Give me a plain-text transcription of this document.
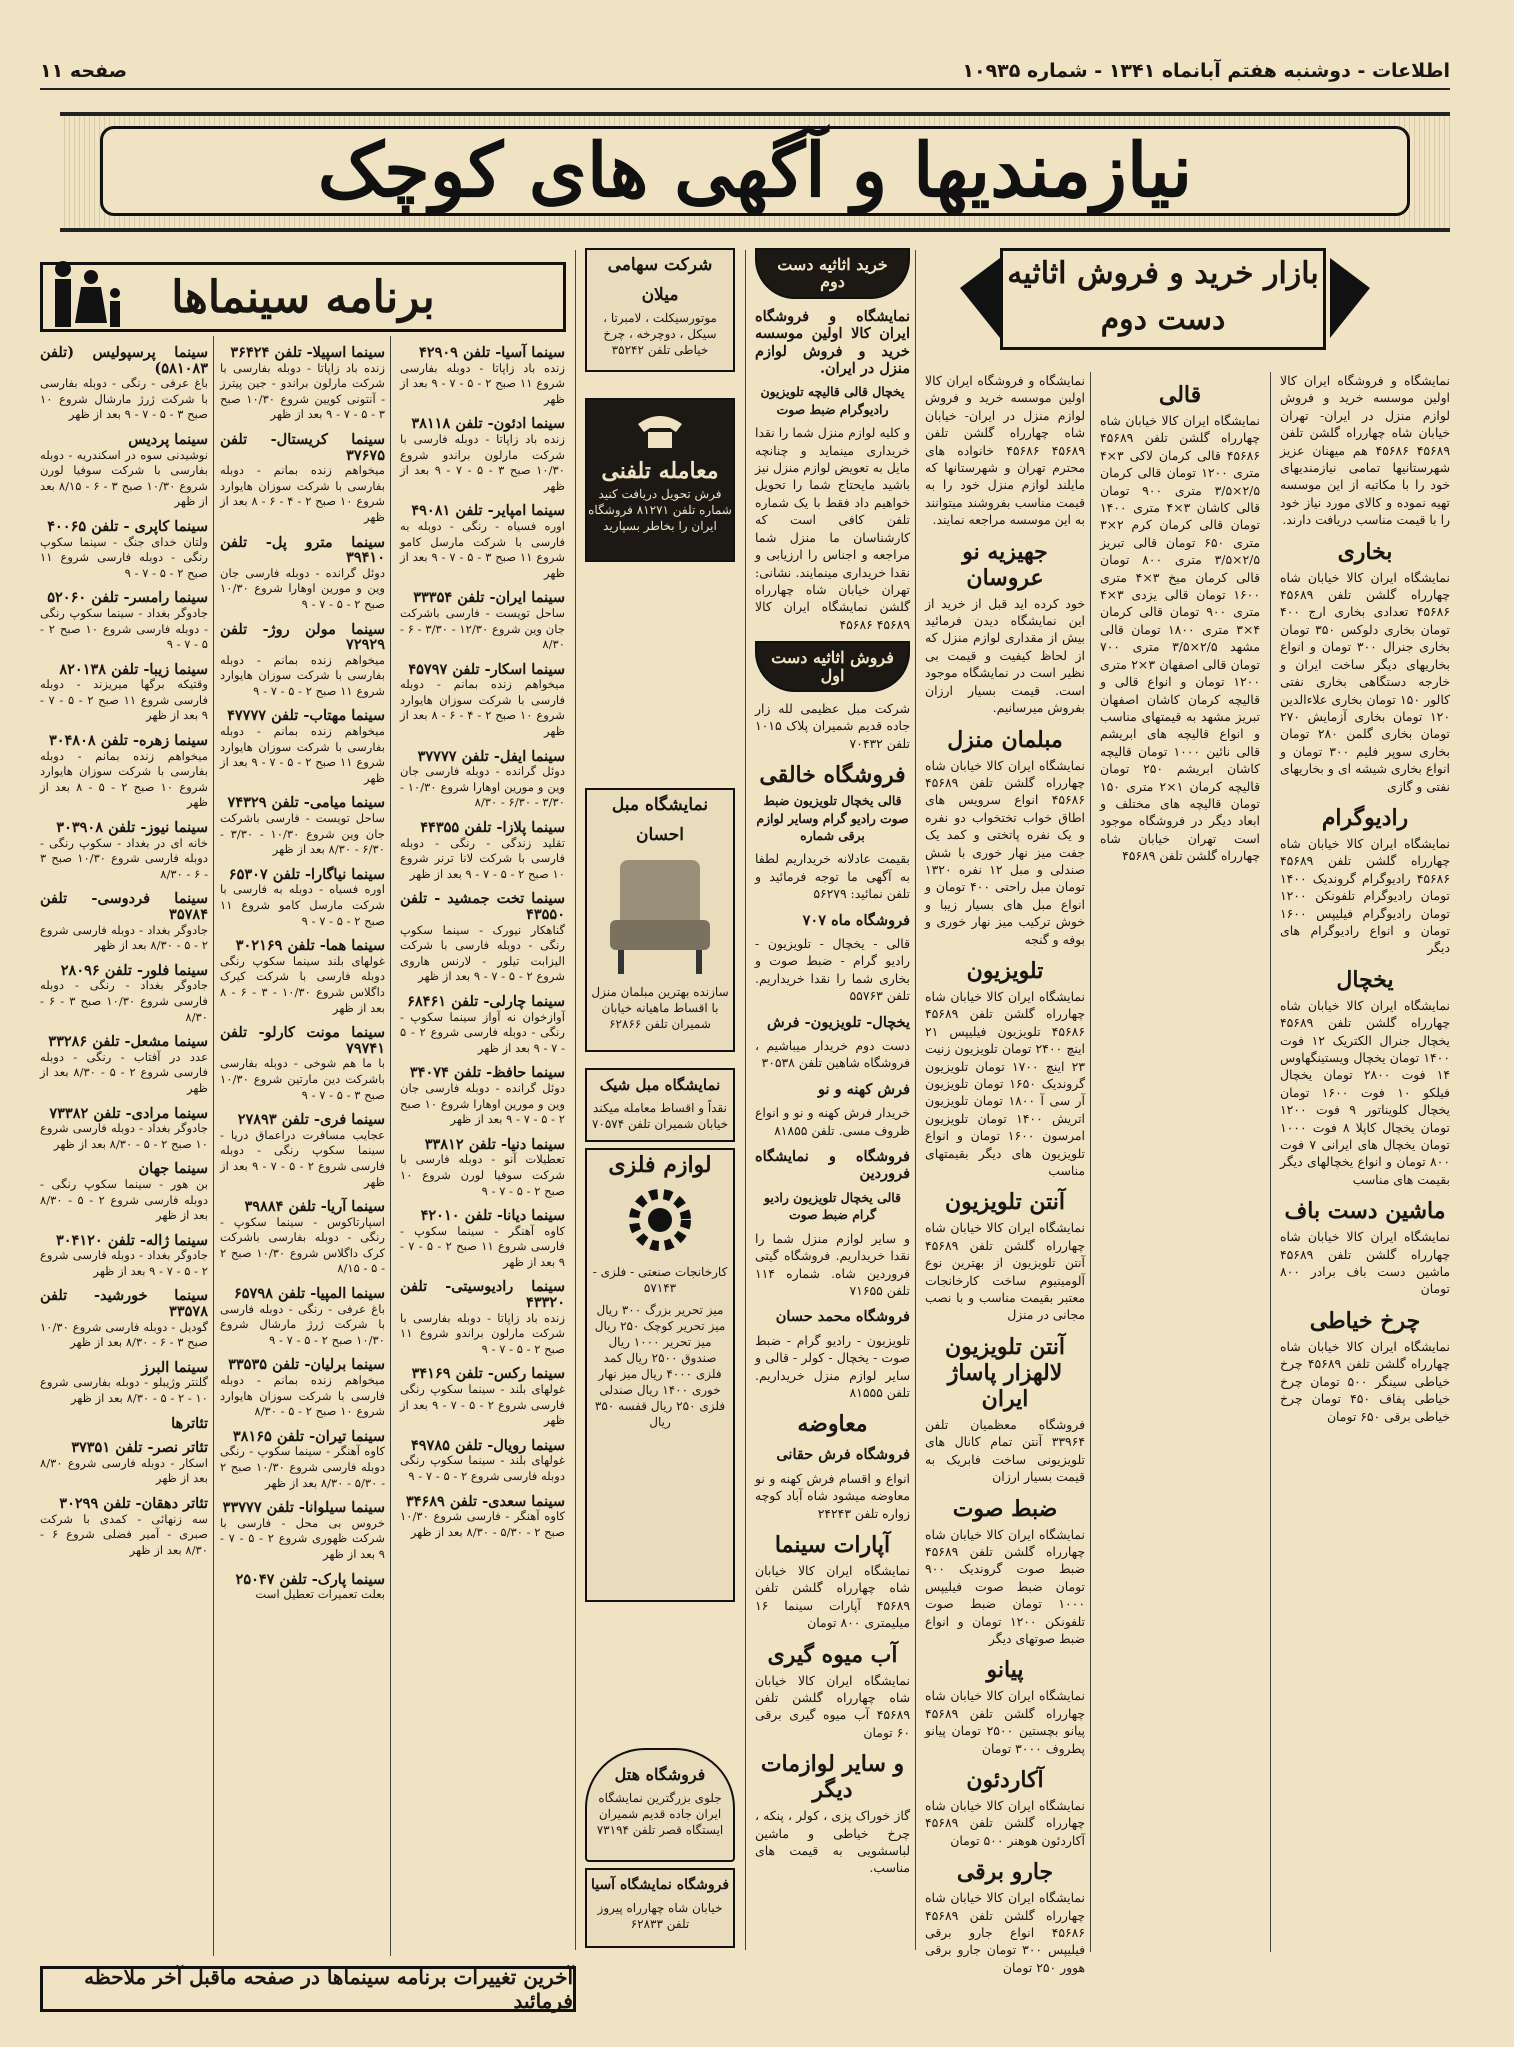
صفحه ۱۱	اطلاعات - دوشنبه هفتم آبانماه ۱۳۴۱ - شماره ۱۰۹۳۵
نیازمندیها و آگهی های کوچک
بازار خرید و فروش اثاثیه
دست دوم
برنامه سینماها

نمایشگاه و فروشگاه ایران کالا اولین موسسه خرید و فروش لوازم منزل در ایران- تهران خیابان شاه چهارراه گلشن تلفن ۴۵۶۸۹ ۴۵۶۸۶ هم میهنان عزیز شهرستانیها تمامی نیازمندیهای خود را با مکاتبه از این موسسه تهیه نموده و کالای مورد نیاز خود را با قیمت مناسب دریافت دارند.

بخاری

نمایشگاه ایران کالا خیابان شاه چهارراه گلشن تلفن ۴۵۶۸۹ ۴۵۶۸۶ تعدادی بخاری ارج ۴۰۰ تومان بخاری دلوکس ۳۵۰ تومان بخاری جنرال ۳۰۰ تومان و انواع بخاریهای دیگر ساخت ایران و خارجه دستگاهی بخاری نفتی کالور ۱۵۰ تومان بخاری علاءالدین ۱۲۰ تومان بخاری آزمایش ۲۷۰ تومان بخاری گلمن ۲۸۰ تومان بخاری سوپر فلیم ۳۰۰ تومان و انواع بخاری شیشه ای و بخاریهای نفتی و گازی

رادیوگرام

نمایشگاه ایران کالا خیابان شاه چهارراه گلشن تلفن ۴۵۶۸۹ ۴۵۶۸۶ رادیوگرام گروندیک ۱۴۰۰ تومان رادیوگرام تلفونکن ۱۲۰۰ تومان رادیوگرام فیلیپس ۱۶۰۰ تومان و انواع رادیوگرام های دیگر

یخچال

نمایشگاه ایران کالا خیابان شاه چهارراه گلشن تلفن ۴۵۶۸۹ یخچال جنرال الکتریک ۱۲ فوت ۱۴۰۰ تومان یخچال ویستینگهاوس ۱۴ فوت ۲۸۰۰ تومان یخچال فیلکو ۱۰ فوت ۱۶۰۰ تومان یخچال کلویناتور ۹ فوت ۱۲۰۰ تومان یخچال کاپلا ۸ فوت ۱۰۰۰ تومان یخچال های ایرانی ۷ فوت ۸۰۰ تومان و انواع یخچالهای دیگر بقیمت های مناسب

ماشین دست باف

نمایشگاه ایران کالا خیابان شاه چهارراه گلشن تلفن ۴۵۶۸۹ ماشین دست باف برادر ۸۰۰ تومان

چرخ خیاطی

نمایشگاه ایران کالا خیابان شاه چهارراه گلشن تلفن ۴۵۶۸۹ چرخ خیاطی سینگر ۵۰۰ تومان چرخ خیاطی پفاف ۴۵۰ تومان چرخ خیاطی برقی ۶۵۰ تومان

قالی

نمایشگاه ایران کالا خیابان شاه چهارراه گلشن تلفن ۴۵۶۸۹ ۴۵۶۸۶ قالی کرمان لاکی ۳×۴ متری ۱۲۰۰ تومان قالی کرمان ۲/۵×۳/۵ متری ۹۰۰ تومان قالی کاشان ۳×۴ متری ۱۴۰۰ تومان قالی کرمان کرم ۲×۳ متری ۶۵۰ تومان قالی تبریز ۲/۵×۳/۵ متری ۸۰۰ تومان قالی کرمان میخ ۳×۴ متری ۱۶۰۰ تومان قالی یزدی ۳×۴ متری ۹۰۰ تومان قالی کرمان ۴×۳ متری ۱۸۰۰ تومان قالی مشهد ۲/۵×۳/۵ متری ۷۰۰ تومان قالی اصفهان ۳×۲ متری ۱۲۰۰ تومان و انواع قالی و قالیچه کرمان کاشان اصفهان تبریز مشهد به قیمتهای مناسب و انواع قالیچه های ابریشم قالی نائین ۱۰۰۰ تومان قالیچه کاشان ابریشم ۲۵۰ تومان قالیچه کرمان ۱×۲ متری ۱۵۰ تومان قالیچه های مختلف و ابعاد دیگر در فروشگاه موجود است تهران خیابان شاه چهارراه گلشن تلفن ۴۵۶۸۹

نمایشگاه و فروشگاه ایران کالا اولین موسسه خرید و فروش لوازم منزل در ایران- خیابان شاه چهارراه گلشن تلفن ۴۵۶۸۹ ۴۵۶۸۶ خانواده های محترم تهران و شهرستانها که مایلند لوازم منزل خود را به قیمت مناسب بفروشند میتوانند به این موسسه مراجعه نمایند.

جهیزیه نو عروسان

خود کرده اید قبل از خرید از این نمایشگاه دیدن فرمائید بیش از مقداری لوازم منزل که از لحاظ کیفیت و قیمت بی نظیر است در نمایشگاه موجود است. قیمت بسیار ارزان بفروش میرسانیم.

مبلمان منزل

نمایشگاه ایران کالا خیابان شاه چهارراه گلشن تلفن ۴۵۶۸۹ ۴۵۶۸۶ انواع سرویس های اطاق خواب تختخواب دو نفره و یک نفره پاتختی و کمد یک جفت میز نهار خوری با شش صندلی و مبل ۱۲ نفره ۱۳۲۰ تومان مبل راحتی ۴۰۰ تومان و انواع مبل های بسیار زیبا و خوش ترکیب میز نهار خوری و بوفه و گنجه

تلویزیون

نمایشگاه ایران کالا خیابان شاه چهارراه گلشن تلفن ۴۵۶۸۹ ۴۵۶۸۶ تلویزیون فیلیپس ۲۱ اینچ ۲۴۰۰ تومان تلویزیون زنیت ۲۳ اینچ ۱۷۰۰ تومان تلویزیون گروندیک ۱۶۵۰ تومان تلویزیون آر سی آ ۱۸۰۰ تومان تلویزیون اتریش ۱۴۰۰ تومان تلویزیون امرسون ۱۶۰۰ تومان و انواع تلویزیون های دیگر بقیمتهای مناسب

آنتن تلویزیون

نمایشگاه ایران کالا خیابان شاه چهارراه گلشن تلفن ۴۵۶۸۹ آنتن تلویزیون از بهترین نوع آلومینیوم ساخت کارخانجات معتبر بقیمت مناسب و با نصب مجانی در منزل

آنتن تلویزیون لالهزار پاساژ ایران

فروشگاه معظمیان تلفن ۳۳۹۶۴ آنتن تمام کانال های تلویزیونی ساخت فابریک به قیمت بسیار ارزان

ضبط صوت

نمایشگاه ایران کالا خیابان شاه چهارراه گلشن تلفن ۴۵۶۸۹ ضبط صوت گروندیک ۹۰۰ تومان ضبط صوت فیلیپس ۱۰۰۰ تومان ضبط صوت تلفونکن ۱۲۰۰ تومان و انواع ضبط صوتهای دیگر

پیانو

نمایشگاه ایران کالا خیابان شاه چهارراه گلشن تلفن ۴۵۶۸۹ پیانو بچستین ۲۵۰۰ تومان پیانو پطروف ۳۰۰۰ تومان

آکاردئون

نمایشگاه ایران کالا خیابان شاه چهارراه گلشن تلفن ۴۵۶۸۹ آکاردئون هوهنر ۵۰۰ تومان

جارو برقی

نمایشگاه ایران کالا خیابان شاه چهارراه گلشن تلفن ۴۵۶۸۹ ۴۵۶۸۶ انواع جارو برقی فیلیپس ۳۰۰ تومان جارو برقی هوور ۲۵۰ تومان

خرید اثاثیه دست دوم

نمایشگاه و فروشگاه ایران کالا اولین موسسه خرید و فروش لوازم منزل در ایران.

یخچال قالی قالیچه تلویزیون رادیوگرام ضبط صوت

و کلیه لوازم منزل شما را نقدا خریداری مینماید و چنانچه مایل به تعویض لوازم منزل نیز باشید مایحتاج شما را تحویل خواهیم داد فقط با یک شماره تلفن کافی است که کارشناسان ما منزل شما مراجعه و اجناس را ارزیابی و نقدا خریداری مینمایند. نشانی: تهران خیابان شاه چهارراه گلشن نمایشگاه ایران کالا ۴۵۶۸۹ ۴۵۶۸۶

فروش اثاثیه دست اول

شرکت مبل عظیمی لله زار جاده قدیم شمیران پلاک ۱۰۱۵ تلفن ۷۰۴۳۲

فروشگاه خالقی

قالی یخچال تلویزیون ضبط صوت رادیو گرام وسایر لوازم برقی شماره

بقیمت عادلانه خریداریم لطفا به آگهی ما توجه فرمائید و تلفن نمائید: ۵۶۲۷۹

فروشگاه ماه ۷۰۷

قالی - یخچال - تلویزیون - رادیو گرام - ضبط صوت و بخاری شما را نقدا خریداریم. تلفن ۵۵۷۶۳

یخچال- تلویزیون- فرش

دست دوم خریدار میباشیم ، فروشگاه شاهین تلفن ۳۰۵۳۸

فرش کهنه و نو

خریدار فرش کهنه و نو و انواع ظروف مسی. تلفن ۸۱۸۵۵

فروشگاه و نمایشگاه فروردین

قالی یخچال تلویزیون رادیو گرام ضبط صوت

و سایر لوازم منزل شما را نقدا خریداریم. فروشگاه گیتی فروردین شاه. شماره ۱۱۴ تلفن ۷۱۶۵۵

فروشگاه محمد حسان

تلویزیون - رادیو گرام - ضبط صوت - یخچال - کولر - قالی و سایر لوازم منزل خریداریم. تلفن ۸۱۵۵۵

معاوضه

فروشگاه فرش حقانی

انواع و اقسام فرش کهنه و نو معاوضه میشود شاه آباد کوچه زواره تلفن ۲۴۲۴۳

آپارات سینما

نمایشگاه ایران کالا خیابان شاه چهارراه گلشن تلفن ۴۵۶۸۹ آپارات سینما ۱۶ میلیمتری ۸۰۰ تومان

آب میوه گیری

نمایشگاه ایران کالا خیابان شاه چهارراه گلشن تلفن ۴۵۶۸۹ آب میوه گیری برقی ۶۰ تومان

و سایر لوازمات دیگر

گاز خوراک پزی ، کولر ، پنکه ، چرخ خیاطی و ماشین لباسشویی به قیمت های مناسب.

شرکت سهامی میلان
موتورسیکلت ، لامبرتا ، سیکل ، دوچرخه ، چرخ خیاطی تلفن ۳۵۲۴۲
معامله تلفنی
فرش تحویل دریافت کنید شماره تلفن ۸۱۲۷۱ فروشگاه ایران را بخاطر بسپارید
نمایشگاه مبل احسان
سازنده بهترین مبلمان منزل با اقساط ماهیانه خیابان شمیران تلفن ۶۲۸۶۶
نمایشگاه مبل شیک
نقداً و اقساط معامله میکند خیابان شمیران تلفن ۷۰۵۷۴
لوازم فلزی
کارخانجات صنعتی - فلزی - ۵۷۱۴۳
میز تحریر بزرگ ۳۰۰ ریال میز تحریر کوچک ۲۵۰ ریال میز تحریر ۱۰۰۰ ریال صندوق ۲۵۰۰ ریال کمد فلزی ۴۰۰۰ ریال میز نهار خوری ۱۴۰۰ ریال صندلی فلزی ۲۵۰ ریال قفسه ۳۵۰ ریال
فروشگاه هتل
جلوی بزرگترین نمایشگاه ایران جاده قدیم شمیران ایستگاه قصر تلفن ۷۳۱۹۴
فروشگاه نمایشگاه آسیا
خیابان شاه چهارراه پیروز تلفن ۶۲۸۳۳
سینما آسیا- تلفن ۴۲۹۰۹
زنده باد زاپاتا - دوبله بفارسی شروع ۱۱ صبح ۲ - ۵ - ۷ - ۹ بعد از ظهر
سینما ادئون- تلفن ۳۸۱۱۸
زنده باد زاپاتا - دوبله فارسی با شرکت مارلون براندو شروع ۱۰/۳۰ صبح ۳ - ۵ - ۷ - ۹ بعد از ظهر
سینما امپایر- تلفن ۴۹۰۸۱
اوره فسیاه - رنگی - دوبله به فارسی با شرکت مارسل کامو شروع ۱۱ صبح ۳ - ۵ - ۷ - ۹ بعد از ظهر
سینما ایران- تلفن ۳۳۳۵۴
ساحل تویست - فارسی باشرکت جان وین شروع ۱۲/۳۰ - ۳/۳۰ - ۶ - ۸/۳۰
سینما اسکار- تلفن ۴۵۷۹۷
میخواهم زنده بمانم - دوبله فارسی با شرکت سوزان هایوارد شروع ۱۰ صبح ۲ - ۴ - ۶ - ۸ بعد از ظهر
سینما ایفل- تلفن ۳۷۷۷۷
دوئل گرانده - دوبله فارسی جان وین و مورین اوهارا شروع ۱۰/۳۰ - ۳/۳۰ - ۶/۳۰ - ۸/۳۰
سینما پلازا- تلفن ۴۴۳۵۵
تقلید زندگی - رنگی - دوبله فارسی با شرکت لانا ترنر شروع ۱۰ صبح ۲ - ۵ - ۷ - ۹ بعد از ظهر
سینما تخت جمشید - تلفن ۴۳۵۵۰
گناهکار نیورک - سینما سکوپ رنگی - دوبله فارسی با شرکت الیزابت تیلور - لارنس هاروی شروع ۲ - ۵ - ۷ - ۹ بعد از ظهر
سینما چارلی- تلفن ۶۸۴۶۱
آوازخوان نه آواز سینما سکوپ - رنگی - دوبله فارسی شروع ۲ - ۵ - ۷ - ۹ بعد از ظهر
سینما حافظ- تلفن ۳۴۰۷۴
دوئل گرانده - دوبله فارسی جان وین و مورین اوهارا شروع ۱۰ صبح ۲ - ۵ - ۷ - ۹ بعد از ظهر
سینما دنیا- تلفن ۳۳۸۱۲
تعطیلات آنو - دوبله فارسی با شرکت سوفیا لورن شروع ۱۰ صبح ۲ - ۵ - ۷ - ۹
سینما دیانا- تلفن ۴۲۰۱۰
کاوه آهنگر - سینما سکوپ - فارسی شروع ۱۱ صبح ۲ - ۵ - ۷ - ۹ بعد از ظهر
سینما رادیوسیتی- تلفن ۴۳۳۲۰
زنده باد زاپاتا - دوبله بفارسی با شرکت مارلون براندو شروع ۱۱ صبح ۲ - ۵ - ۷ - ۹
سینما رکس- تلفن ۳۴۱۶۹
غولهای بلند - سینما سکوپ رنگی فارسی شروع ۲ - ۵ - ۷ - ۹ بعد از ظهر
سینما رویال- تلفن ۴۹۷۸۵
غولهای بلند - سینما سکوپ رنگی دوبله فارسی شروع ۲ - ۵ - ۷ - ۹
سینما سعدی- تلفن ۳۴۶۸۹
کاوه آهنگر - فارسی شروع ۱۰/۳۰ صبح ۲ - ۵/۳۰ - ۸/۳۰ بعد از ظهر
سینما اسپیلا- تلفن ۳۶۴۲۴
زنده باد زاپاتا - دوبله بفارسی با شرکت مارلون براندو - جین پیترز - آنتونی کویین شروع ۱۰/۳۰ صبح ۳ - ۵ - ۷ - ۹ بعد از ظهر
سینما کریستال- تلفن ۳۷۶۷۵
میخواهم زنده بمانم - دوبله بفارسی با شرکت سوزان هایوارد شروع ۱۰ صبح ۲ - ۴ - ۶ - ۸ بعد از ظهر
سینما مترو پل- تلفن ۳۹۴۱۰
دوئل گرانده - دوبله فارسی جان وین و مورین اوهارا شروع ۱۰/۳۰ صبح ۲ - ۵ - ۷ - ۹
سینما مولن روژ- تلفن ۷۲۹۲۹
میخواهم زنده بمانم - دوبله بفارسی با شرکت سوزان هایوارد شروع ۱۱ صبح ۲ - ۵ - ۷ - ۹
سینما مهتاب- تلفن ۴۷۷۷۷
میخواهم زنده بمانم - دوبله بفارسی با شرکت سوزان هایوارد شروع ۱۱ صبح ۲ - ۵ - ۷ - ۹ بعد از ظهر
سینما میامی- تلفن ۷۴۳۲۹
ساحل تویست - فارسی باشرکت جان وین شروع ۱۰/۳۰ - ۳/۳۰ - ۶/۳۰ - ۸/۳۰ بعد از ظهر
سینما نیاگارا- تلفن ۶۵۳۰۷
اوره فسیاه - دوبله به فارسی با شرکت مارسل کامو شروع ۱۱ صبح ۲ - ۵ - ۷ - ۹
سینما هما- تلفن ۳۰۲۱۶۹
غولهای بلند سینما سکوپ رنگی دوبله فارسی با شرکت کیرک داگلاس شروع ۱۰/۳۰ - ۳ - ۶ - ۸ بعد از ظهر
سینما مونت کارلو- تلفن ۷۹۷۴۱
با ما هم شوخی - دوبله بفارسی باشرکت دین مارتین شروع ۱۰/۳۰ صبح ۳ - ۵ - ۷ - ۹
سینما فری- تلفن ۲۷۸۹۳
عجایب مسافرت دراعماق دریا - سینما سکوپ رنگی - دوبله فارسی شروع ۲ - ۵ - ۷ - ۹ بعد از ظهر
سینما آریا- تلفن ۳۹۸۸۴
اسپارتاکوس - سینما سکوپ - رنگی - دوبله بفارسی باشرکت کرک داگلاس شروع ۱۰/۳۰ صبح ۲ - ۵ - ۸/۱۵
سینما المپیا- تلفن ۶۵۷۹۸
باغ عرفی - رنگی - دوبله فارسی با شرکت ژرژ مارشال شروع ۱۰/۳۰ صبح ۲ - ۵ - ۷ - ۹
سینما برلیان- تلفن ۳۳۵۳۵
میخواهم زنده بمانم - دوبله فارسی با شرکت سوزان هایوارد شروع ۱۰ صبح ۲ - ۵ - ۸/۳۰
سینما تیران- تلفن ۳۸۱۶۵
کاوه آهنگر - سینما سکوپ - رنگی دوبله فارسی شروع ۱۰/۳۰ صبح ۲ - ۵/۳۰ - ۸/۳۰ بعد از ظهر
سینما سیلوانا- تلفن ۳۳۷۷۷
خروس بی محل - فارسی با شرکت ظهوری شروع ۲ - ۵ - ۷ - ۹ بعد از ظهر
سینما پارک- تلفن ۲۵۰۴۷
بعلت تعمیرات تعطیل است
سینما پرسپولیس (تلفن ۵۸۱۰۸۳)
باغ عرفی - رنگی - دوبله بفارسی با شرکت ژرژ مارشال شروع ۱۰ صبح ۳ - ۵ - ۷ - ۹ بعد از ظهر
سینما پردیس
نوشیدنی سوه در اسکندریه - دوبله بفارسی با شرکت سوفیا لورن شروع ۱۰/۳۰ صبح ۳ - ۶ - ۸/۱۵ بعد از ظهر
سینما کاپری - تلفن ۴۰۰۶۵
ولتان خدای جنگ - سینما سکوپ رنگی - دوبله فارسی شروع ۱۱ صبح ۲ - ۵ - ۷ - ۹
سینما رامسر- تلفن ۵۲۰۶۰
جادوگر بغداد - سینما سکوپ رنگی - دوبله فارسی شروع ۱۰ صبح ۲ - ۵ - ۷ - ۹
سینما زیبا- تلفن ۸۲۰۱۳۸
وقتیکه برگها میریزند - دوبله فارسی شروع ۱۱ صبح ۲ - ۵ - ۷ - ۹ بعد از ظهر
سینما زهره- تلفن ۳۰۴۸۰۸
میخواهم زنده بمانم - دوبله بفارسی با شرکت سوزان هایوارد شروع ۱۰ صبح ۲ - ۵ - ۸ بعد از ظهر
سینما نیوز- تلفن ۳۰۳۹۰۸
خانه ای در بغداد - سکوپ رنگی - دوبله فارسی شروع ۱۰/۳۰ صبح ۳ - ۶ - ۸/۳۰
سینما فردوسی- تلفن ۳۵۷۸۴
جادوگر بغداد - دوبله فارسی شروع ۲ - ۵ - ۸/۳۰ بعد از ظهر
سینما فلور- تلفن ۲۸۰۹۶
جادوگر بغداد - رنگی - دوبله فارسی شروع ۱۰/۳۰ صبح ۳ - ۶ - ۸/۳۰
سینما مشعل- تلفن ۳۳۲۸۶
عدد در آفتاب - رنگی - دوبله فارسی شروع ۲ - ۵ - ۸/۳۰ بعد از ظهر
سینما مرادی- تلفن ۷۳۳۸۲
جادوگر بغداد - دوبله فارسی شروع ۱۰ صبح ۲ - ۵ - ۸/۳۰ بعد از ظهر
سینما جهان
بن هور - سینما سکوپ رنگی - دوبله فارسی شروع ۲ - ۵ - ۸/۳۰ بعد از ظهر
سینما ژاله- تلفن ۳۰۴۱۲۰
جادوگر بغداد - دوبله فارسی شروع ۲ - ۵ - ۷ - ۹ بعد از ظهر
سینما خورشید- تلفن ۳۳۵۷۸
گودیل - دوبله فارسی شروع ۱۰/۳۰ صبح ۳ - ۶ - ۸/۳۰ بعد از ظهر
سینما البرز
گلنتر وژیبلو - دوبله بفارسی شروع ۱۰ - ۲ - ۵ - ۸/۳۰ بعد از ظهر
تئاترها
تئاتر نصر- تلفن ۳۷۳۵۱
اسکار - دوبله فارسی شروع ۸/۳۰ بعد از ظهر
تئاتر دهقان- تلفن ۳۰۲۹۹
سه زنهائی - کمدی با شرکت صبری - آمیر فضلی شروع ۶ - ۸/۳۰ بعد از ظهر
آخرین تغییرات برنامه سینماها در صفحه ماقبل آخر ملاحظه فرمائید
